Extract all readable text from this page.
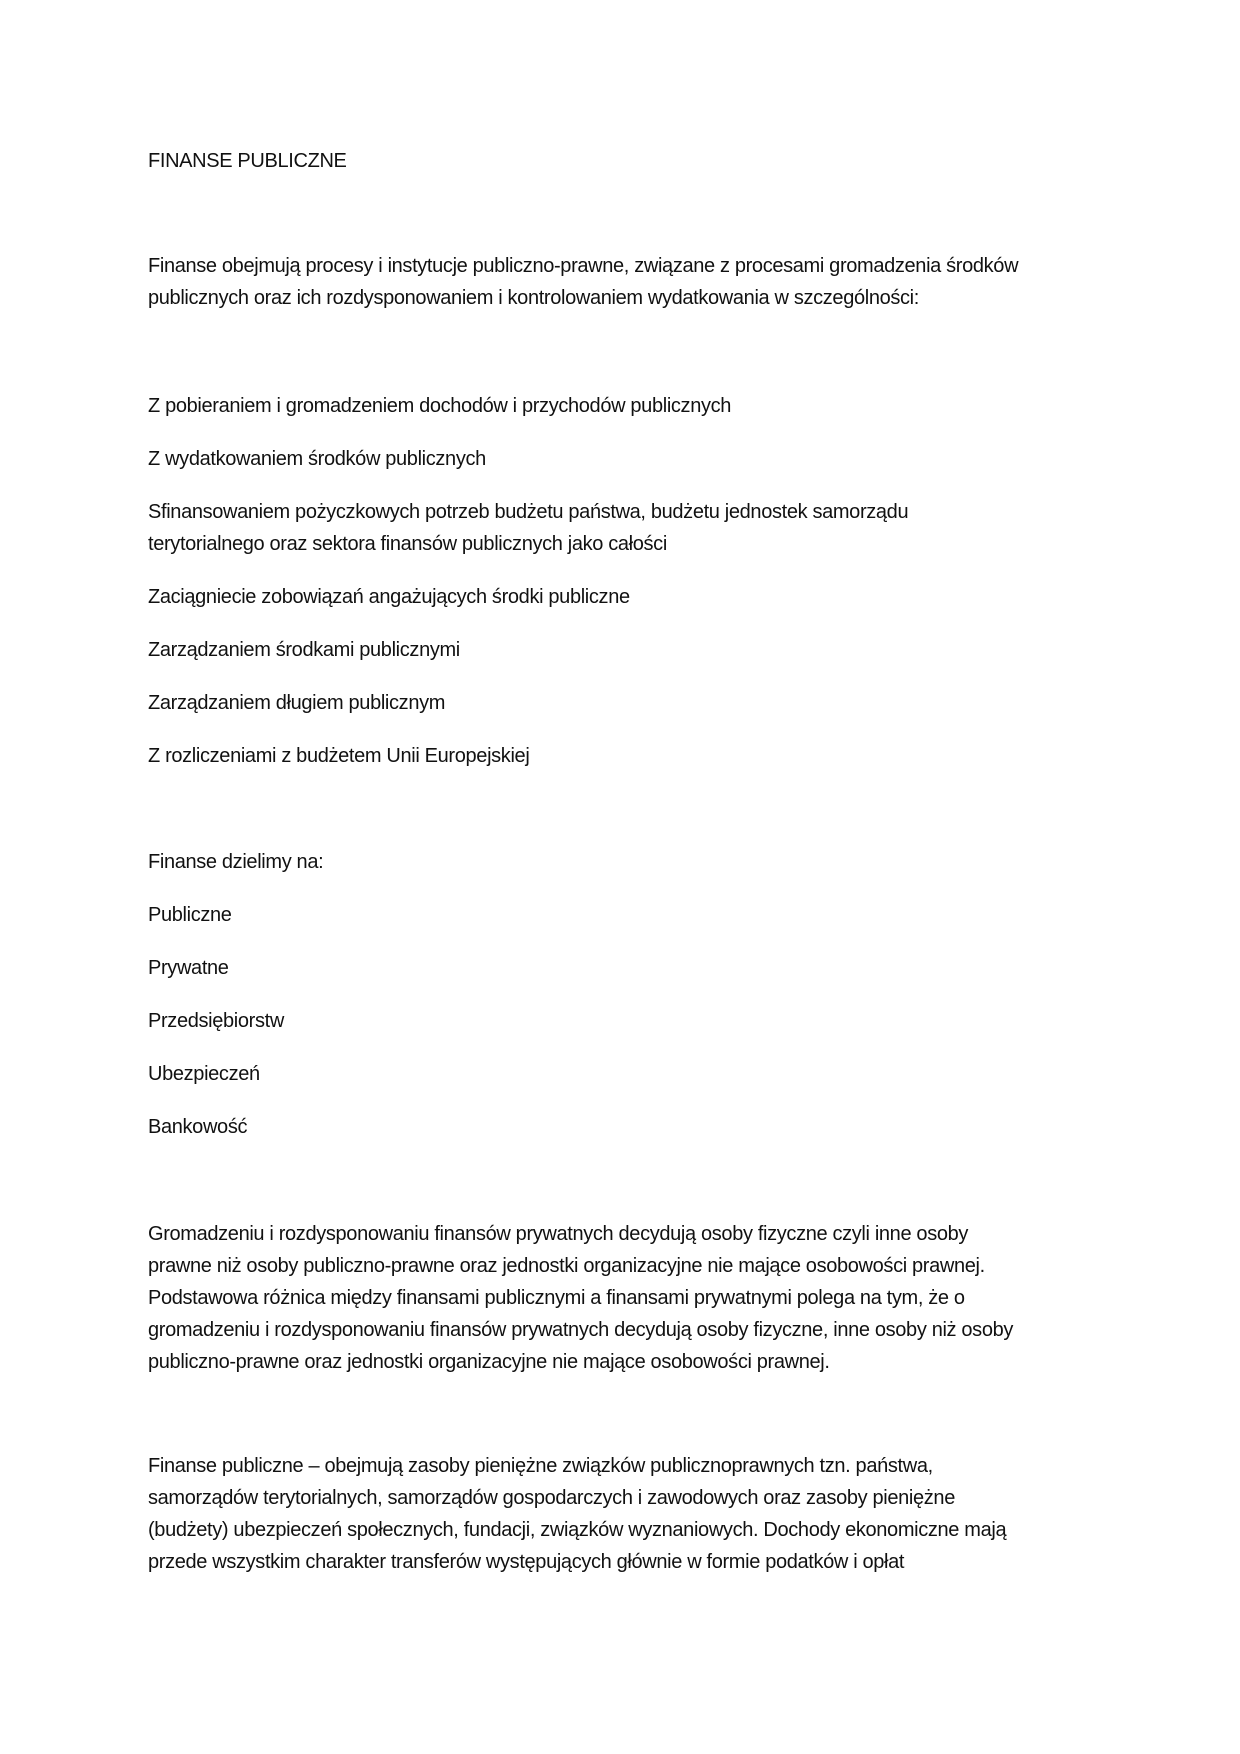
FINANSE PUBLICZNE

Finanse obejmują procesy i instytucje publiczno-prawne, związane z procesami gromadzenia środków
publicznych oraz ich rozdysponowaniem i kontrolowaniem wydatkowania w szczególności:

Z pobieraniem i gromadzeniem dochodów i przychodów publicznych

Z wydatkowaniem środków publicznych

Sfinansowaniem pożyczkowych potrzeb budżetu państwa, budżetu jednostek samorządu
terytorialnego oraz sektora finansów publicznych jako całości

Zaciągniecie zobowiązań angażujących środki publiczne

Zarządzaniem środkami publicznymi

Zarządzaniem długiem publicznym

Z rozliczeniami z budżetem Unii Europejskiej

Finanse dzielimy na:

Publiczne

Prywatne

Przedsiębiorstw

Ubezpieczeń

Bankowość

Gromadzeniu i rozdysponowaniu finansów prywatnych decydują osoby fizyczne czyli inne osoby
prawne niż osoby publiczno-prawne oraz jednostki organizacyjne nie mające osobowości prawnej.
Podstawowa różnica między finansami publicznymi a finansami prywatnymi polega na tym, że o
gromadzeniu i rozdysponowaniu finansów prywatnych decydują osoby fizyczne, inne osoby niż osoby
publiczno-prawne oraz jednostki organizacyjne nie mające osobowości prawnej.

Finanse publiczne – obejmują zasoby pieniężne związków publicznoprawnych tzn. państwa,
samorządów terytorialnych, samorządów gospodarczych i zawodowych oraz zasoby pieniężne
(budżety) ubezpieczeń społecznych, fundacji, związków wyznaniowych. Dochody ekonomiczne mają
przede wszystkim charakter transferów występujących głównie w formie podatków i opłat
